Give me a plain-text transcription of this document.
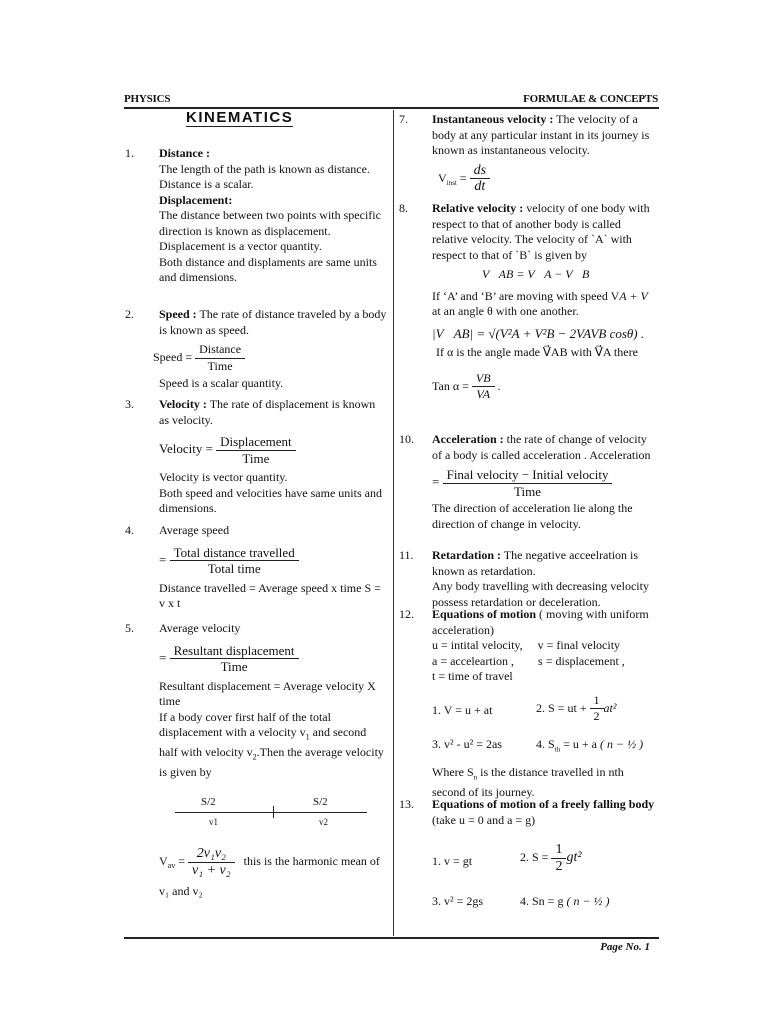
PHYSICS	FORMULAE & CONCEPTS
KINEMATICS
1. Distance :
The length of the path is known as distance. Distance is a scalar.
Displacement:
The distance between two points with specific direction is known as displacement. Displacement is a vector quantity.
Both distance and displaments are same units and dimensions.
2. Speed : The rate of distance traveled by a body is known as speed.
Speed = $\frac{\text{Distance}}{\text{Time}}$
Speed is a scalar quantity.
3. Velocity : The rate of displacement is known as velocity.
Velocity = $\frac{\text{Displacement}}{\text{Time}}$
Velocity is vector quantity.
Both speed and velocities have same units and dimensions.
4. Average speed
= $\frac{\text{Total distance travelled}}{\text{Total time}}$
Distance travelled = Average speed x time S = v x t
5. Average velocity
= $\frac{\text{Resultant displacement}}{\text{Time}}$
Resultant displacement = Average velocity X time
If a body cover first half of the total displacement with a velocity $v_1$ and second half with velocity $v_2.Then$ the average velocity is given by
S/2	S/2
v1	v2
$V_{av} = \frac{\text{2v₁v₂}}{\text{v₁ + v₂}}$ this is the harmonic mean of
v₁ and v₂
7. Instantaneous velocity : The velocity of a body at any particular instant in its journey is known as instantaneous velocity.
$V_{inst} = \frac{ds}{dt}$
8. Relative velocity : velocity of one body with respect to that of another body is called relative velocity. The velocity of `A` with respect to that of `B` is given by
V⃗AB = V⃗A − V⃗B
If ‘A’ and ‘B’ are moving with speed VA + V
at an angle θ with one another.
|V⃗AB| = √(V²A + V²B − 2VAVB cosθ) .
If α is the angle made V⃗AB with V⃗A there
Tan $\alpha = \frac{VB}{VA}$ .
10. Acceleration : the rate of change of velocity of a body is called acceleration . Acceleration
= $\frac{\text{Final velocity − Initial velocity}}{\text{Time}}$
The direction of acceleration lie along the direction of change in velocity.
11. Retardation : The negative acceelration is known as retardation.
Any body travelling with decreasing velocity possess retardation or deceleration.
12. Equations of motion ( moving with uniform acceleration)
u = intital velocity,     v = final velocity
a = acceleartion ,        s = displacement ,
t = time of travel
1. V = u + at	2. S = ut + $\frac{1}{2} at^2$
3. v² - u² = 2as	4. $S_{th} = u + a$ ( n − ½ )
Where $S_n$ is the distance travelled in nth second of its journey.
13. Equations of motion of a freely falling body (take u = 0 and a = g)
1. v = gt	2. $S = \frac{1}{2} gt^2$
3. v² = 2gs	4. Sn = g ( n − ½ )
Page No. 1
